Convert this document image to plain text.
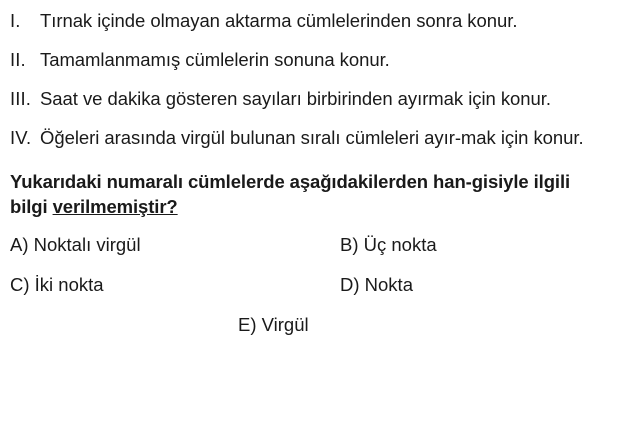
I.	Tırnak içinde olmayan aktarma cümlelerinden sonra konur.
II. Tamamlanmamış cümlelerin sonuna konur.
III. Saat ve dakika gösteren sayıları birbirinden ayırmak için konur.
IV. Öğeleri arasında virgül bulunan sıralı cümleleri ayır-mak için konur.
Yukarıdaki numaralı cümlelerde aşağıdakilerden han-gisiyle ilgili bilgi verilmemiştir?
A) Noktalı virgül	B) Üç nokta
C) İki nokta	D) Nokta
E) Virgül
